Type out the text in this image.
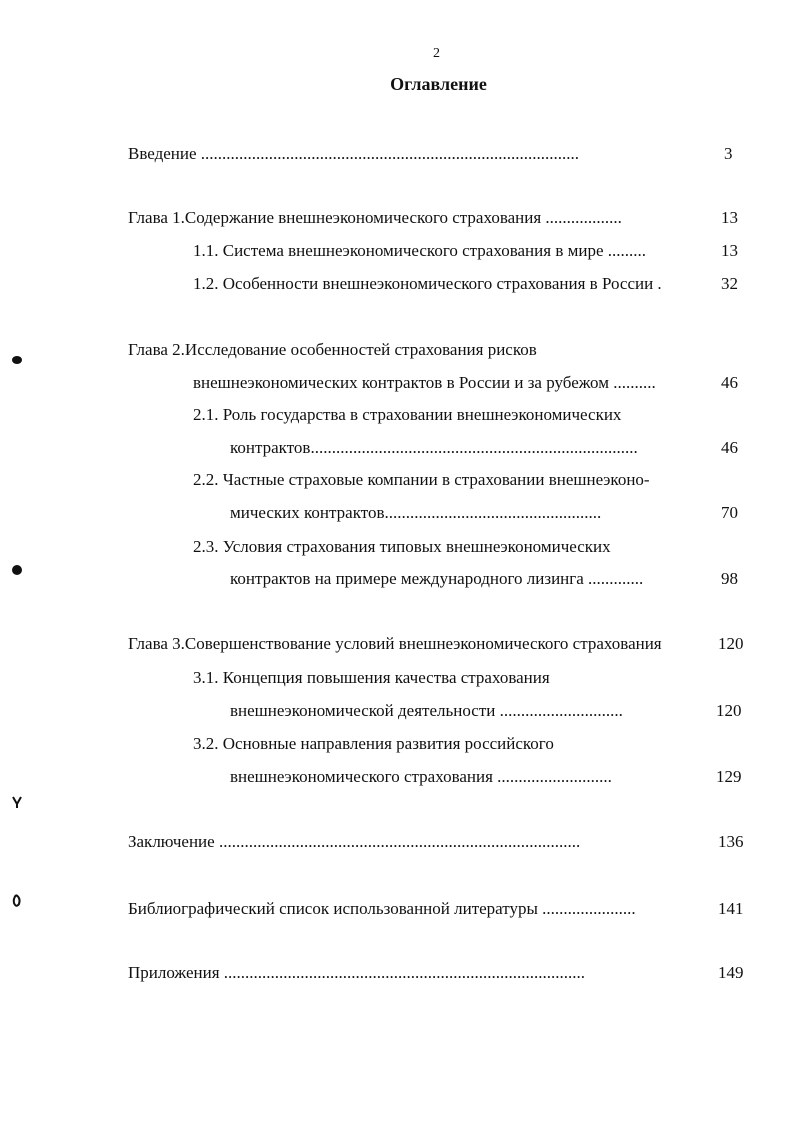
2
Оглавление
Введение .........................................................................................	3
Глава 1.Содержание внешнеэкономического страхования ..................	13
1.1. Система внешнеэкономического страхования в мире .........	13
1.2. Особенности внешнеэкономического страхования в России .	32
Глава 2.Исследование особенностей страхования рисков
внешнеэкономических контрактов в России и за рубежом ..........	46
2.1. Роль государства в страховании внешнеэкономических
контрактов.............................................................................	46
2.2. Частные страховые компании в страховании внешнеэконо-
мических контрактов...................................................	70
2.3. Условия страхования типовых внешнеэкономических
контрактов на примере международного лизинга .............	98
Глава 3.Совершенствование условий внешнеэкономического страхования	120
3.1. Концепция повышения качества страхования
внешнеэкономической деятельности .............................	120
3.2. Основные направления развития российского
внешнеэкономического страхования ...........................	129
Заключение .....................................................................................	136
Библиографический список использованной литературы ......................	141
Приложения .....................................................................................	149
